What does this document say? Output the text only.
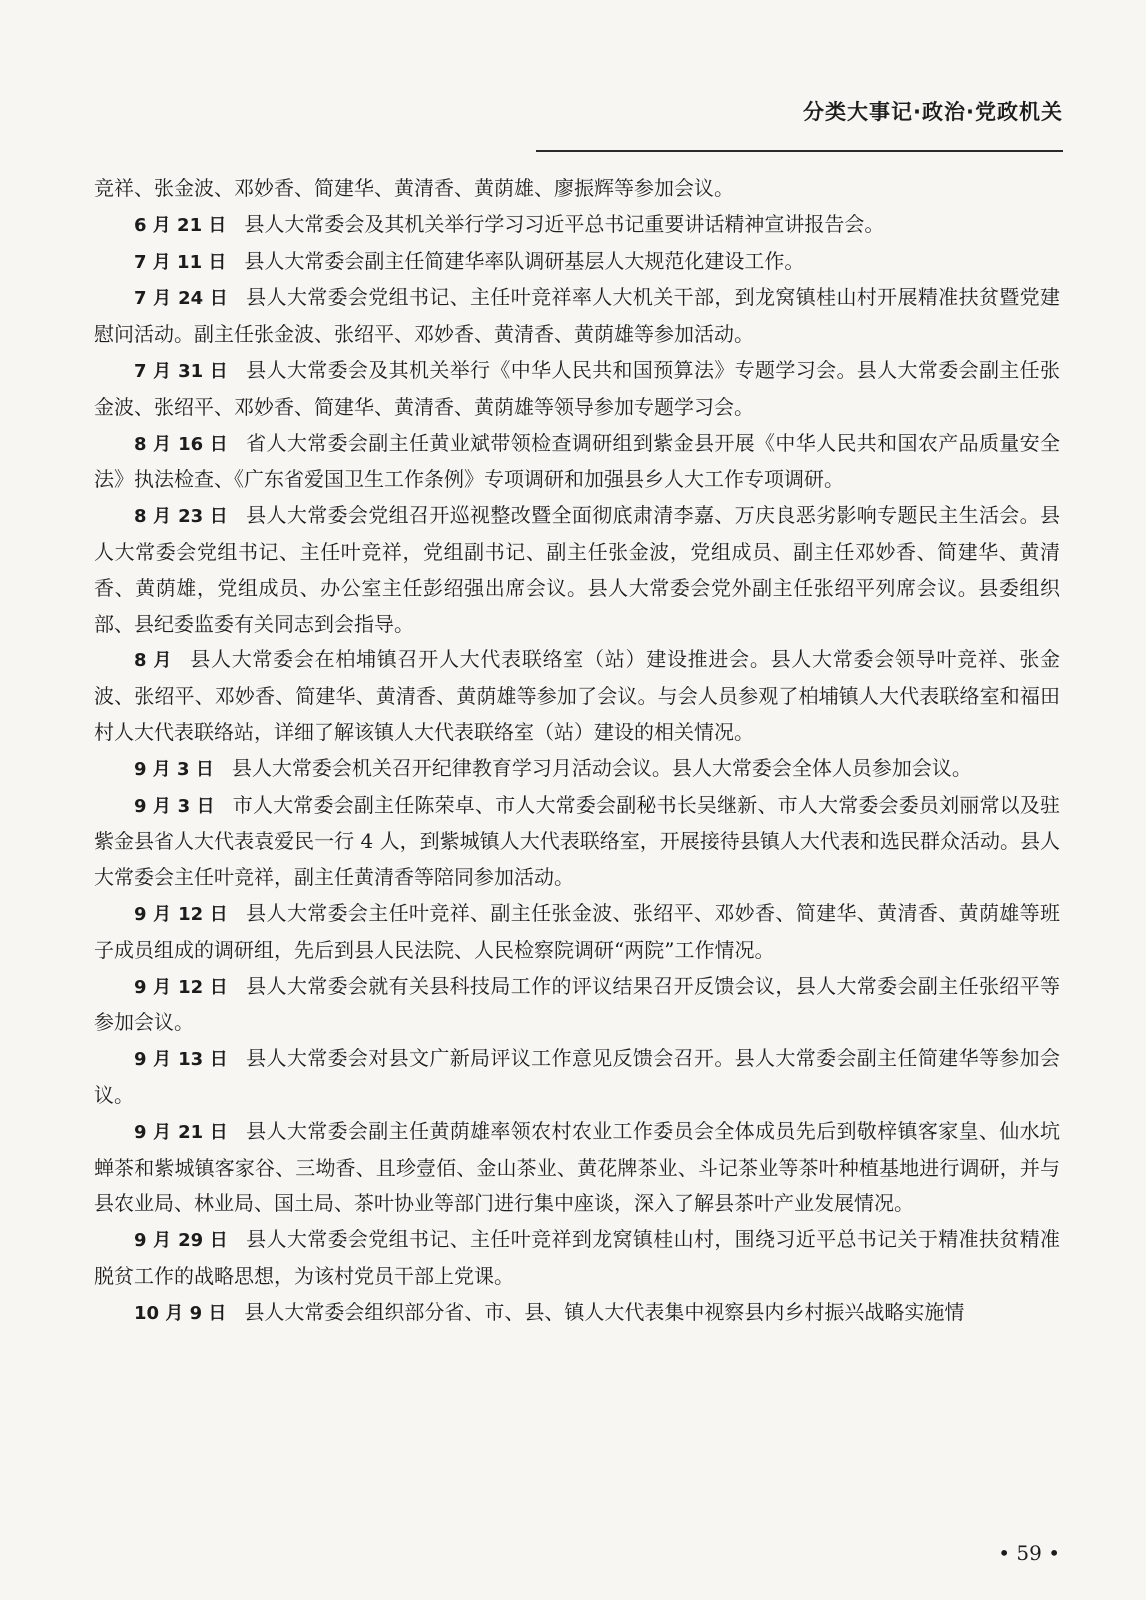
分类大事记·政治·党政机关

竞祥、张金波、邓妙香、简建华、黄清香、黄荫雄、廖振辉等参加会议。

6 月 21 日 县人大常委会及其机关举行学习习近平总书记重要讲话精神宣讲报告会。

7 月 11 日 县人大常委会副主任简建华率队调研基层人大规范化建设工作。

7 月 24 日 县人大常委会党组书记、主任叶竞祥率人大机关干部，到龙窝镇桂山村开展精准扶贫暨党建慰问活动。副主任张金波、张绍平、邓妙香、黄清香、黄荫雄等参加活动。

7 月 31 日 县人大常委会及其机关举行《中华人民共和国预算法》专题学习会。县人大常委会副主任张金波、张绍平、邓妙香、简建华、黄清香、黄荫雄等领导参加专题学习会。

8 月 16 日 省人大常委会副主任黄业斌带领检查调研组到紫金县开展《中华人民共和国农产品质量安全法》执法检查、《广东省爱国卫生工作条例》专项调研和加强县乡人大工作专项调研。

8 月 23 日 县人大常委会党组召开巡视整改暨全面彻底肃清李嘉、万庆良恶劣影响专题民主生活会。县人大常委会党组书记、主任叶竞祥，党组副书记、副主任张金波，党组成员、副主任邓妙香、简建华、黄清香、黄荫雄，党组成员、办公室主任彭绍强出席会议。县人大常委会党外副主任张绍平列席会议。县委组织部、县纪委监委有关同志到会指导。

8 月 县人大常委会在柏埔镇召开人大代表联络室（站）建设推进会。县人大常委会领导叶竞祥、张金波、张绍平、邓妙香、简建华、黄清香、黄荫雄等参加了会议。与会人员参观了柏埔镇人大代表联络室和福田村人大代表联络站，详细了解该镇人大代表联络室（站）建设的相关情况。

9 月 3 日 县人大常委会机关召开纪律教育学习月活动会议。县人大常委会全体人员参加会议。

9 月 3 日 市人大常委会副主任陈荣卓、市人大常委会副秘书长吴继新、市人大常委会委员刘丽常以及驻紫金县省人大代表袁爱民一行 4 人，到紫城镇人大代表联络室，开展接待县镇人大代表和选民群众活动。县人大常委会主任叶竞祥，副主任黄清香等陪同参加活动。

9 月 12 日 县人大常委会主任叶竞祥、副主任张金波、张绍平、邓妙香、简建华、黄清香、黄荫雄等班子成员组成的调研组，先后到县人民法院、人民检察院调研“两院”工作情况。

9 月 12 日 县人大常委会就有关县科技局工作的评议结果召开反馈会议，县人大常委会副主任张绍平等参加会议。

9 月 13 日 县人大常委会对县文广新局评议工作意见反馈会召开。县人大常委会副主任简建华等参加会议。

9 月 21 日 县人大常委会副主任黄荫雄率领农村农业工作委员会全体成员先后到敬梓镇客家皇、仙水坑蝉茶和紫城镇客家谷、三坳香、且珍壹佰、金山茶业、黄花牌茶业、斗记茶业等茶叶种植基地进行调研，并与县农业局、林业局、国土局、茶叶协业等部门进行集中座谈，深入了解县茶叶产业发展情况。

9 月 29 日 县人大常委会党组书记、主任叶竞祥到龙窝镇桂山村，围绕习近平总书记关于精准扶贫精准脱贫工作的战略思想，为该村党员干部上党课。

10 月 9 日 县人大常委会组织部分省、市、县、镇人大代表集中视察县内乡村振兴战略实施情

• 59 •
